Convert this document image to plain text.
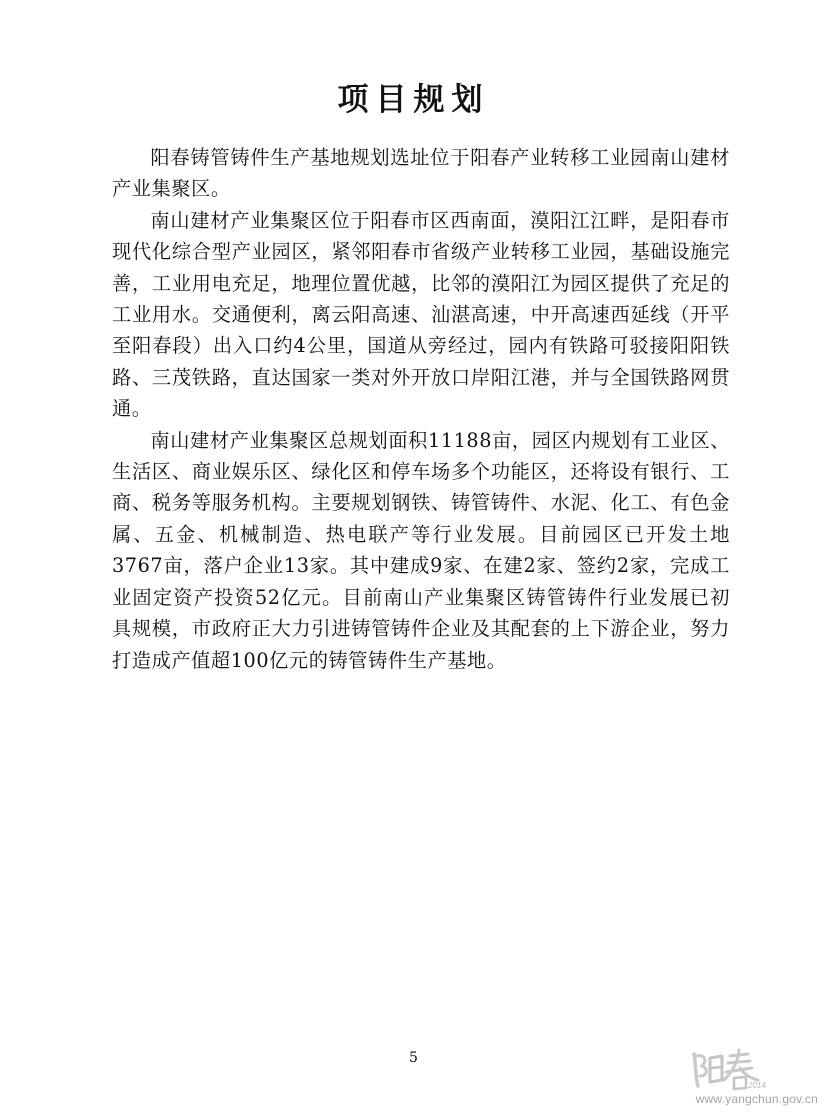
项目规划

阳春铸管铸件生产基地规划选址位于阳春产业转移工业园南山建材产业集聚区。

南山建材产业集聚区位于阳春市区西南面，漠阳江江畔，是阳春市现代化综合型产业园区，紧邻阳春市省级产业转移工业园，基础设施完善，工业用电充足，地理位置优越，比邻的漠阳江为园区提供了充足的工业用水。交通便利，离云阳高速、汕湛高速，中开高速西延线（开平至阳春段）出入口约4公里，国道从旁经过，园内有铁路可驳接阳阳铁路、三茂铁路，直达国家一类对外开放口岸阳江港，并与全国铁路网贯通。

南山建材产业集聚区总规划面积11188亩，园区内规划有工业区、生活区、商业娱乐区、绿化区和停车场多个功能区，还将设有银行、工商、税务等服务机构。主要规划钢铁、铸管铸件、水泥、化工、有色金属、五金、机械制造、热电联产等行业发展。目前园区已开发土地3767亩，落户企业13家。其中建成9家、在建2家、签约2家，完成工业固定资产投资52亿元。目前南山产业集聚区铸管铸件行业发展已初具规模，市政府正大力引进铸管铸件企业及其配套的上下游企业，努力打造成产值超100亿元的铸管铸件生产基地。

5
2014
www.yangchun.gov.cn
